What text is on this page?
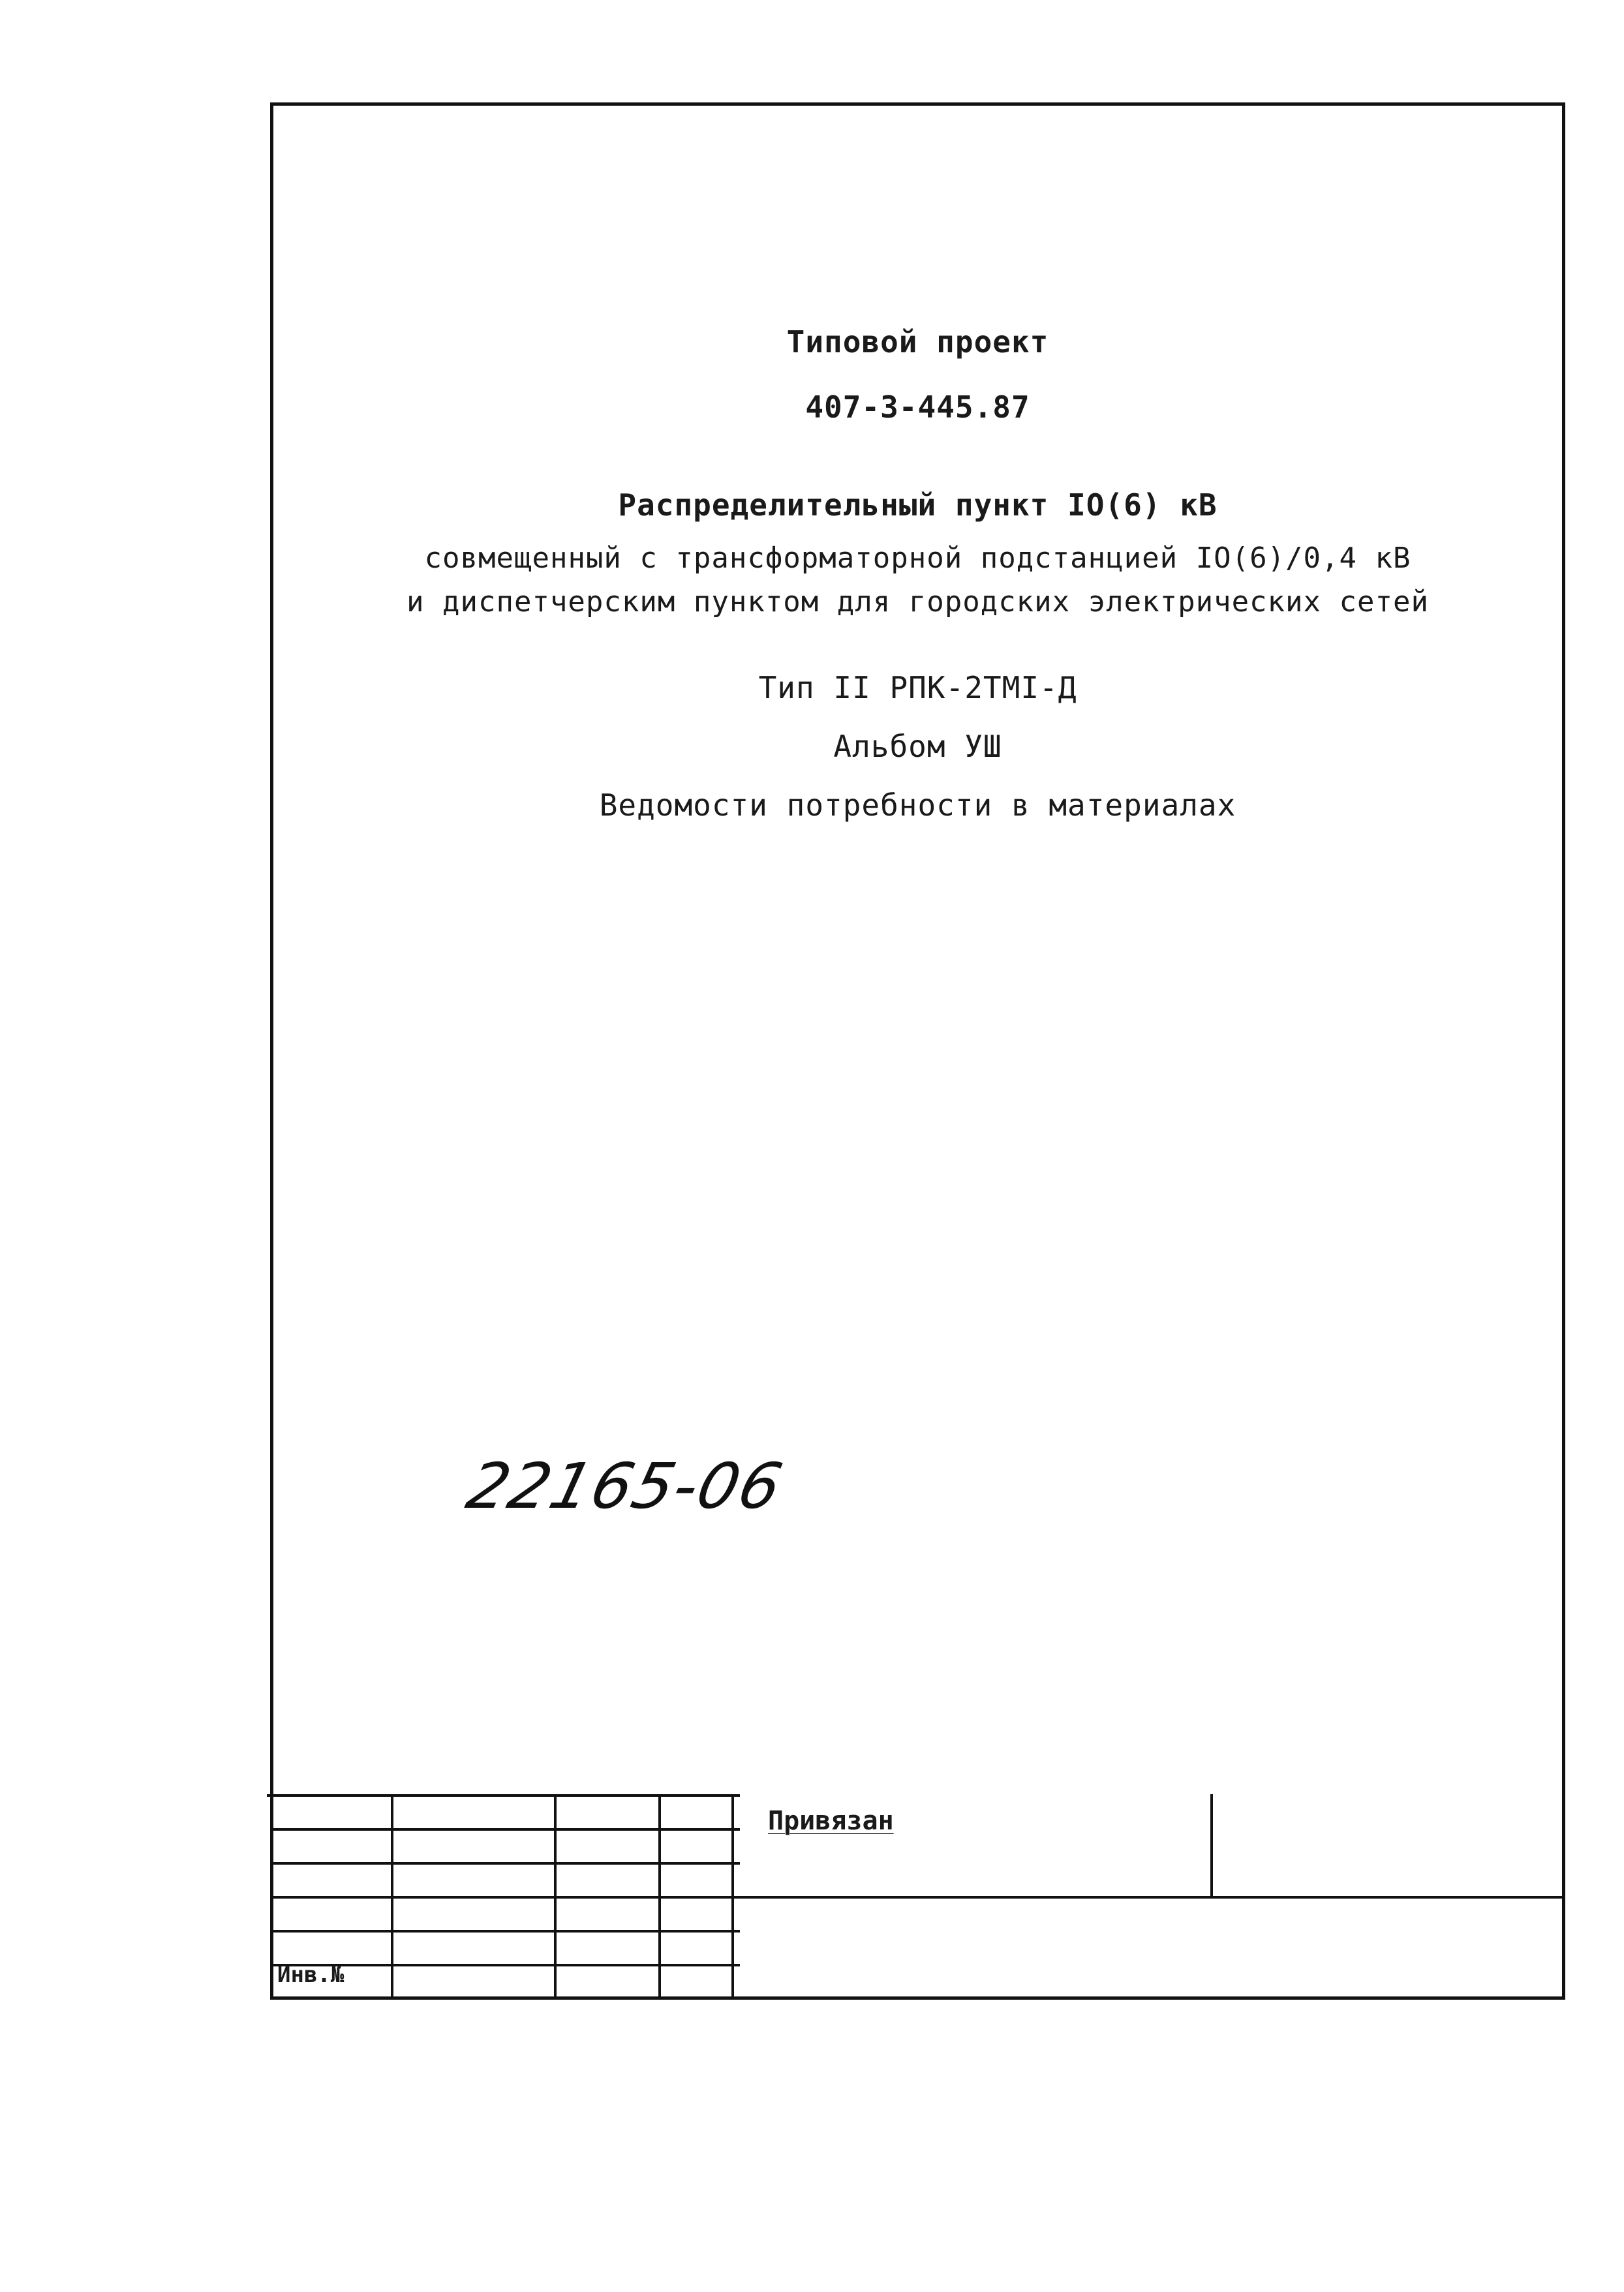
Типовой проект
407-3-445.87
Распределительный пункт IO(6) кВ
совмещенный с трансформаторной подстанцией IO(6)/0,4 кВ
и диспетчерским пунктом для городских электрических сетей
Тип II РПК-2ТМI-Д
Альбом УШ
Ведомости потребности в материалах
22165-06
Инв.№
Привязан
